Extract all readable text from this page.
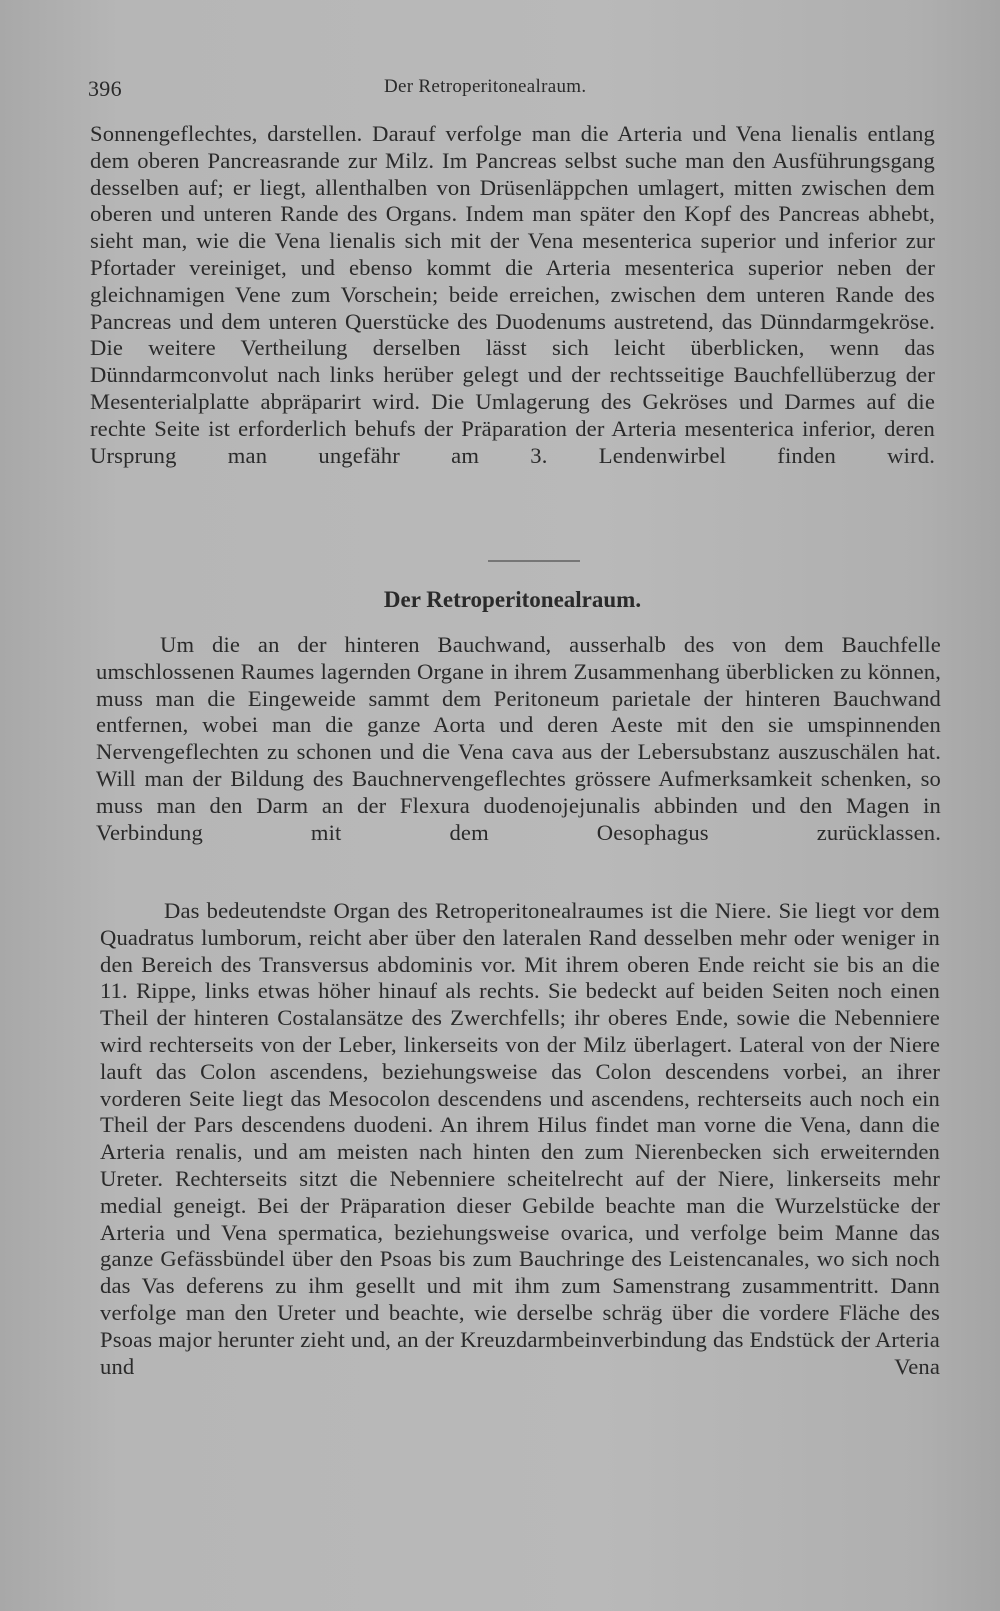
396	Der Retroperitonealraum.

Sonnengeflechtes, darstellen. Darauf verfolge man die Arteria und Vena lienalis entlang dem oberen Pancreasrande zur Milz. Im Pancreas selbst suche man den Ausführungsgang desselben auf; er liegt, allenthalben von Drüsenläppchen umlagert, mitten zwischen dem oberen und unteren Rande des Organs. Indem man später den Kopf des Pancreas abhebt, sieht man, wie die Vena lienalis sich mit der Vena mesenterica superior und inferior zur Pfortader vereiniget, und ebenso kommt die Arteria mesenterica superior neben der gleichnamigen Vene zum Vorschein; beide erreichen, zwischen dem unteren Rande des Pancreas und dem unteren Querstücke des Duodenums austretend, das Dünndarmgekröse. Die weitere Vertheilung derselben lässt sich leicht überblicken, wenn das Dünndarmconvolut nach links herüber gelegt und der rechtsseitige Bauchfellüberzug der Mesenterialplatte abpräparirt wird. Die Umlagerung des Gekröses und Darmes auf die rechte Seite ist erforderlich behufs der Präparation der Arteria mesenterica inferior, deren Ursprung man ungefähr am 3. Lendenwirbel finden wird.

Der Retroperitonealraum.

Um die an der hinteren Bauchwand, ausserhalb des von dem Bauchfelle umschlossenen Raumes lagernden Organe in ihrem Zusammenhang überblicken zu können, muss man die Eingeweide sammt dem Peritoneum parietale der hinteren Bauchwand entfernen, wobei man die ganze Aorta und deren Aeste mit den sie umspinnenden Nervengeflechten zu schonen und die Vena cava aus der Lebersubstanz auszuschälen hat. Will man der Bildung des Bauchnervengeflechtes grössere Aufmerksamkeit schenken, so muss man den Darm an der Flexura duodenojejunalis abbinden und den Magen in Verbindung mit dem Oesophagus zurücklassen.

Das bedeutendste Organ des Retroperitonealraumes ist die Niere. Sie liegt vor dem Quadratus lumborum, reicht aber über den lateralen Rand desselben mehr oder weniger in den Bereich des Transversus abdominis vor. Mit ihrem oberen Ende reicht sie bis an die 11. Rippe, links etwas höher hinauf als rechts. Sie bedeckt auf beiden Seiten noch einen Theil der hinteren Costalansätze des Zwerchfells; ihr oberes Ende, sowie die Nebenniere wird rechterseits von der Leber, linkerseits von der Milz überlagert. Lateral von der Niere lauft das Colon ascendens, beziehungsweise das Colon descendens vorbei, an ihrer vorderen Seite liegt das Mesocolon descendens und ascendens, rechterseits auch noch ein Theil der Pars descendens duodeni. An ihrem Hilus findet man vorne die Vena, dann die Arteria renalis, und am meisten nach hinten den zum Nierenbecken sich erweiternden Ureter. Rechterseits sitzt die Nebenniere scheitelrecht auf der Niere, linkerseits mehr medial geneigt. Bei der Präparation dieser Gebilde beachte man die Wurzelstücke der Arteria und Vena spermatica, beziehungsweise ovarica, und verfolge beim Manne das ganze Gefässbündel über den Psoas bis zum Bauchringe des Leistencanales, wo sich noch das Vas deferens zu ihm gesellt und mit ihm zum Samenstrang zusammentritt. Dann verfolge man den Ureter und beachte, wie derselbe schräg über die vordere Fläche des Psoas major herunter zieht und, an der Kreuzdarmbeinverbindung das Endstück der Arteria und Vena
